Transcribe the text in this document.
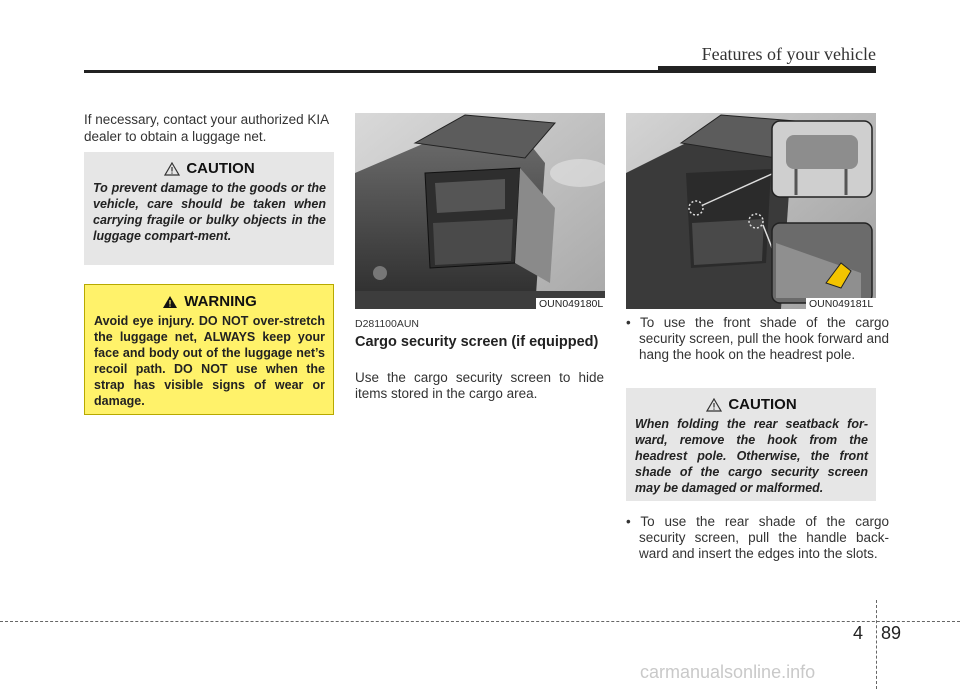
Features of your vehicle
If necessary, contact your authorized KIA dealer to obtain a luggage net.
CAUTION
To prevent damage to the goods or the vehicle, care should be taken when carrying fragile or bulky objects in the luggage compart-ment.
WARNING
Avoid eye injury. DO NOT over-stretch the luggage net, ALWAYS keep your face and body out of the luggage net’s recoil path. DO NOT use when the strap has visible signs of wear or damage.
OUN049180L
D281100AUN
Cargo security screen (if equipped)
Use the cargo security screen to hide items stored in the cargo area.
OUN049181L
• To use the front shade of the cargo security screen, pull the hook forward and hang the hook on the headrest pole.
CAUTION
When folding the rear seatback for-ward, remove the hook from the headrest pole. Otherwise, the front shade of the cargo security screen may be damaged or malformed.
• To use the rear shade of the cargo security screen, pull the handle back-ward and insert the edges into the slots.
4 89
carmanualsonline.info
